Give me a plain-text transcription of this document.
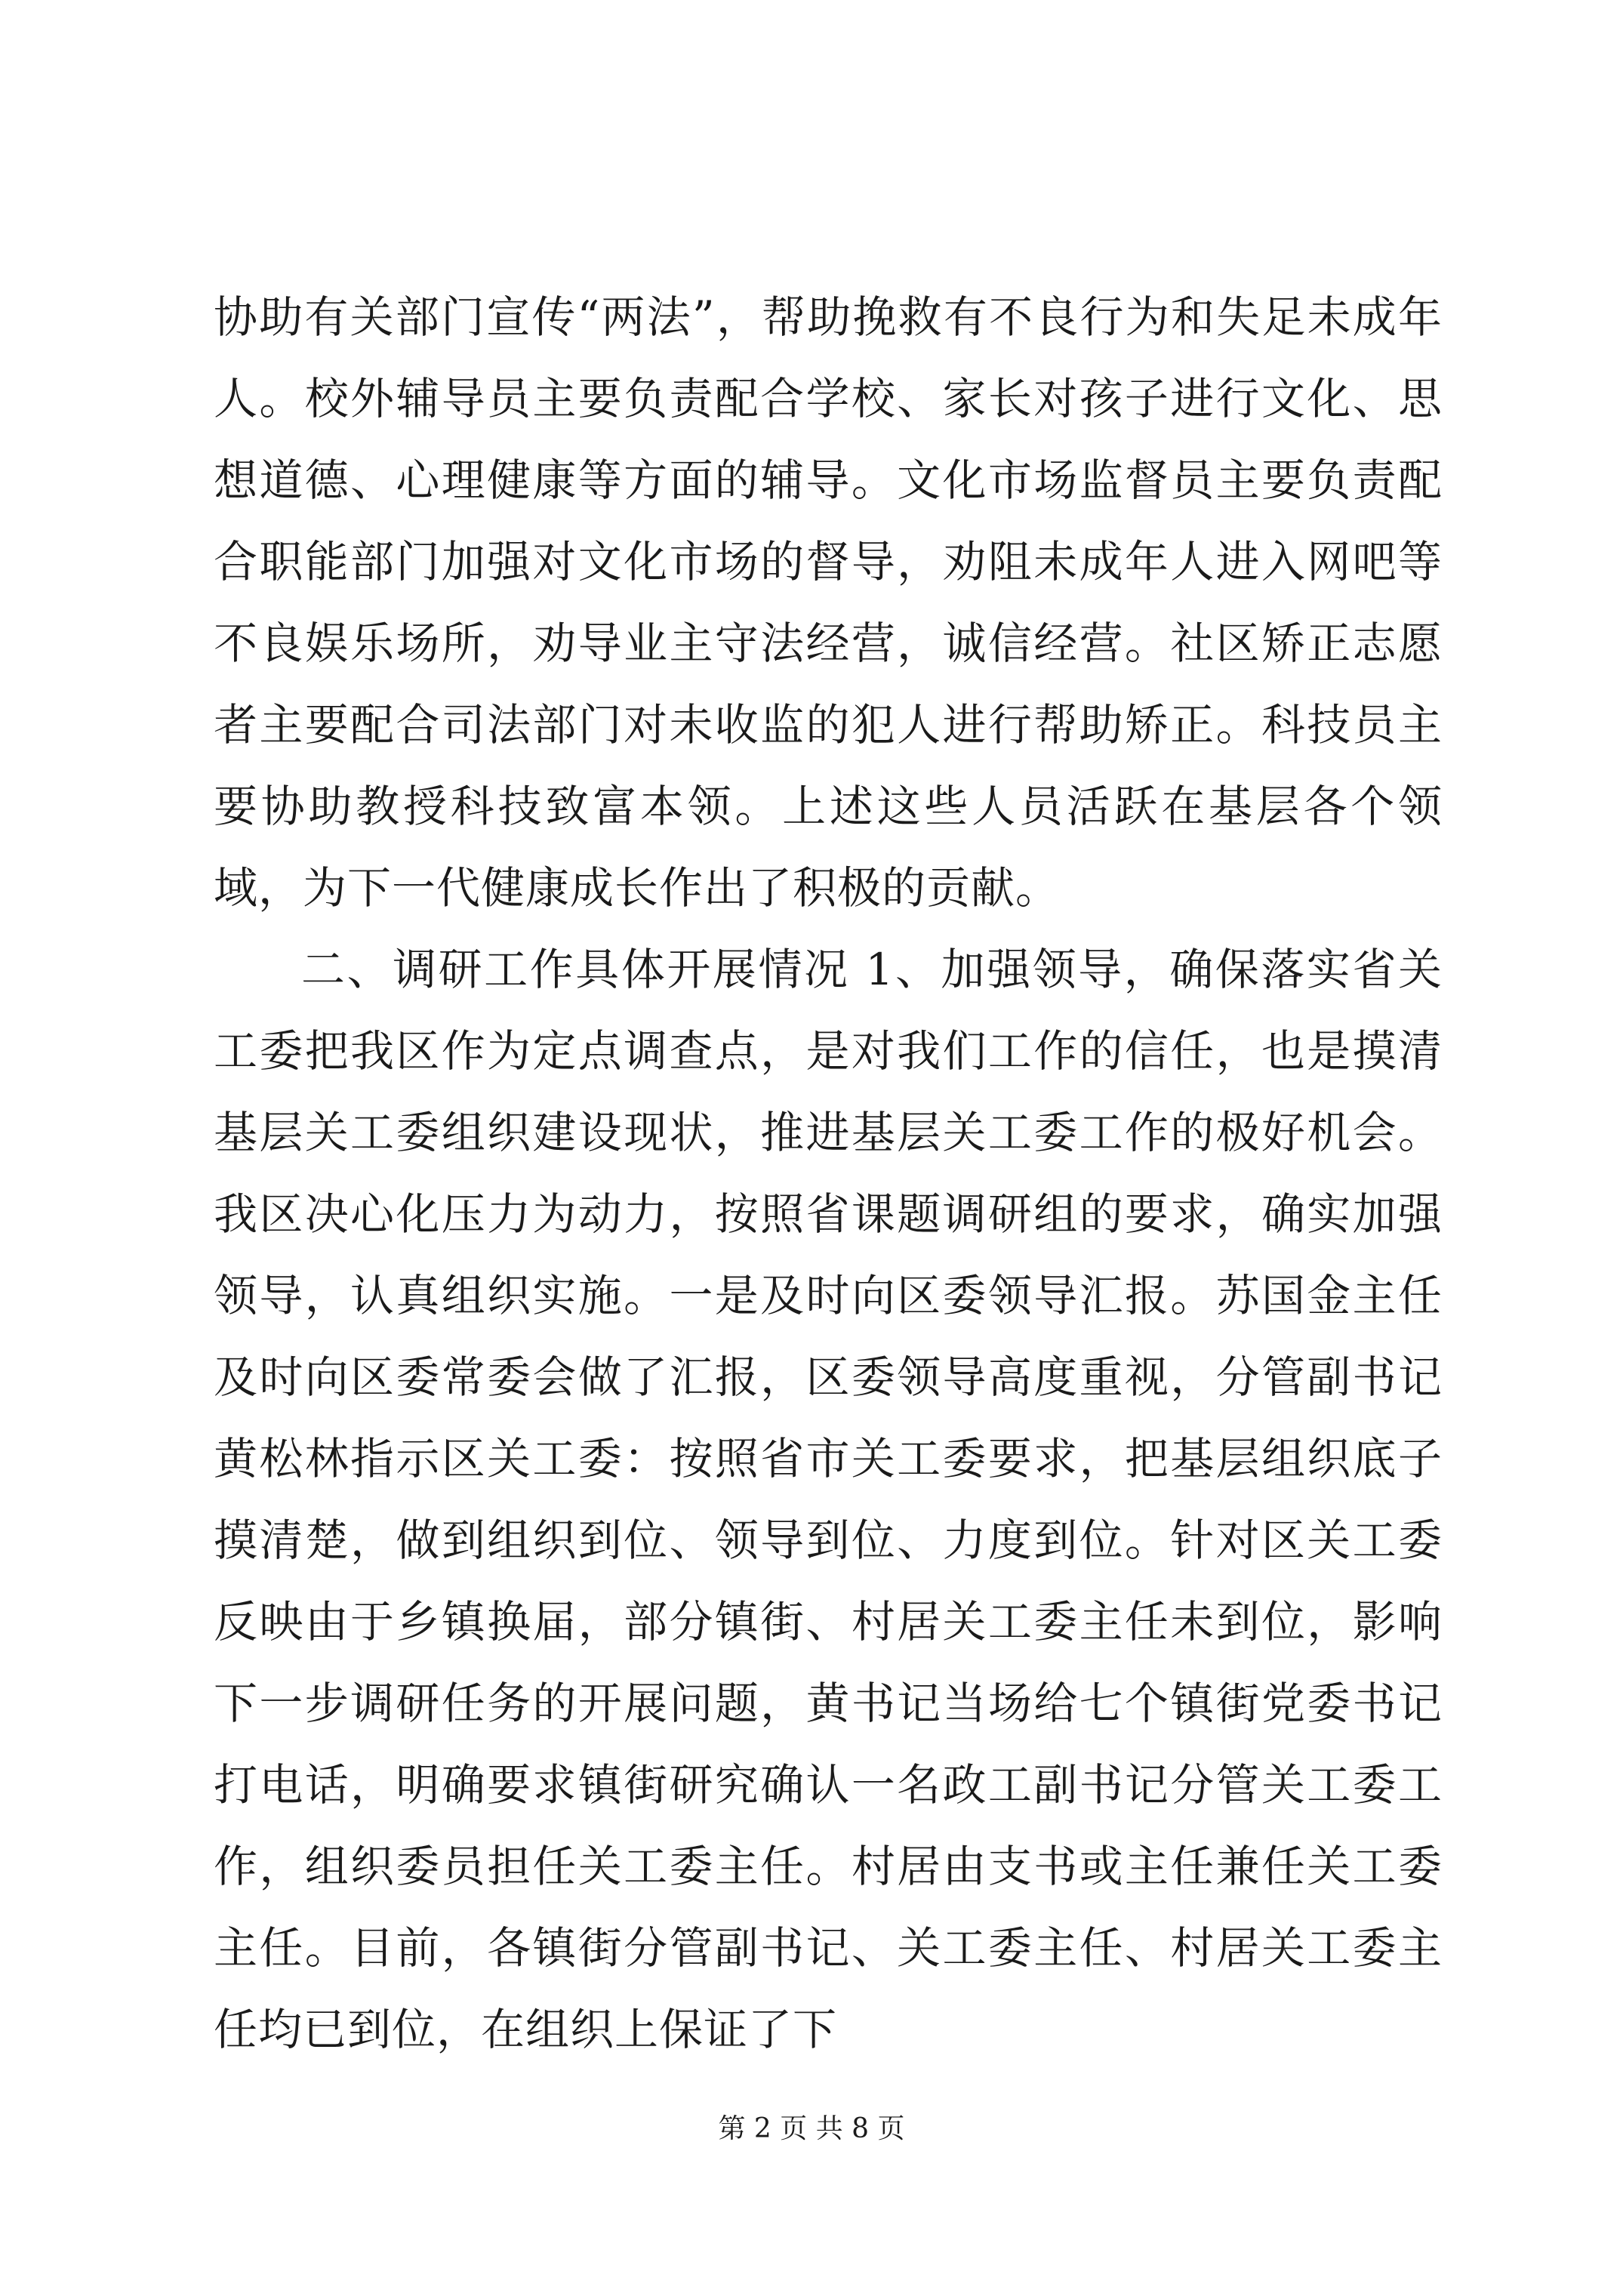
协助有关部门宣传“两法”，帮助挽救有不良行为和失足未成年人。校外辅导员主要负责配合学校、家长对孩子进行文化、思想道德、心理健康等方面的辅导。文化市场监督员主要负责配合职能部门加强对文化市场的督导，劝阻未成年人进入网吧等不良娱乐场所，劝导业主守法经营，诚信经营。社区矫正志愿者主要配合司法部门对未收监的犯人进行帮助矫正。科技员主要协助教授科技致富本领。上述这些人员活跃在基层各个领域，为下一代健康成长作出了积极的贡献。

二、调研工作具体开展情况 1、加强领导，确保落实省关工委把我区作为定点调查点，是对我们工作的信任，也是摸清基层关工委组织建设现状，推进基层关工委工作的极好机会。我区决心化压力为动力，按照省课题调研组的要求，确实加强领导，认真组织实施。一是及时向区委领导汇报。苏国金主任及时向区委常委会做了汇报，区委领导高度重视，分管副书记黄松林指示区关工委：按照省市关工委要求，把基层组织底子摸清楚，做到组织到位、领导到位、力度到位。针对区关工委反映由于乡镇换届，部分镇街、村居关工委主任未到位，影响下一步调研任务的开展问题，黄书记当场给七个镇街党委书记打电话，明确要求镇街研究确认一名政工副书记分管关工委工作，组织委员担任关工委主任。村居由支书或主任兼任关工委主任。目前，各镇街分管副书记、关工委主任、村居关工委主任均已到位，在组织上保证了下

第 2 页 共 8 页
